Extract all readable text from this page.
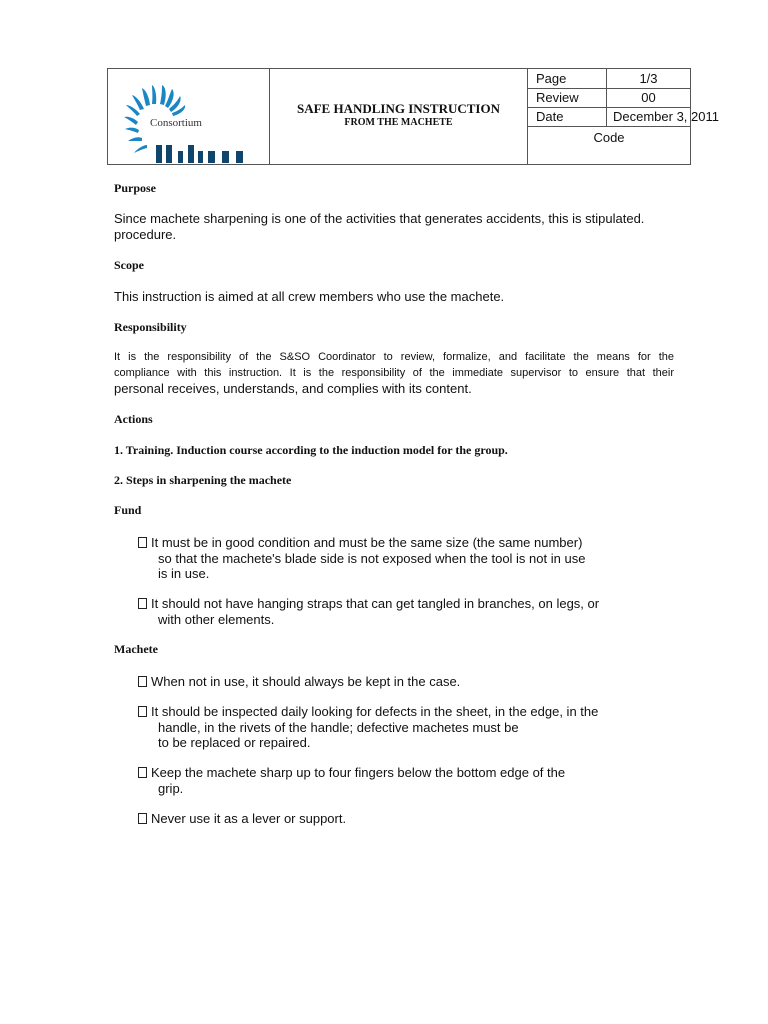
Consortium
SAFE HANDLING INSTRUCTION
FROM THE MACHETE
Page	1/3
Review	00
Date	December 3, 2011
Code
Purpose
Since machete sharpening is one of the activities that generates accidents, this is stipulated.
procedure.
Scope
This instruction is aimed at all crew members who use the machete.
Responsibility
It is the responsibility of the S&SO Coordinator to review, formalize, and facilitate the means for the
compliance with this instruction. It is the responsibility of the immediate supervisor to ensure that their
personal receives, understands, and complies with its content.
Actions
1. Training. Induction course according to the induction model for the group.
2. Steps in sharpening the machete
Fund
It must be in good condition and must be the same size (the same number)
so that the machete's blade side is not exposed when the tool is not in use
is in use.
It should not have hanging straps that can get tangled in branches, on legs, or
with other elements.
Machete
When not in use, it should always be kept in the case.
It should be inspected daily looking for defects in the sheet, in the edge, in the
handle, in the rivets of the handle; defective machetes must be
to be replaced or repaired.
Keep the machete sharp up to four fingers below the bottom edge of the
grip.
Never use it as a lever or support.
